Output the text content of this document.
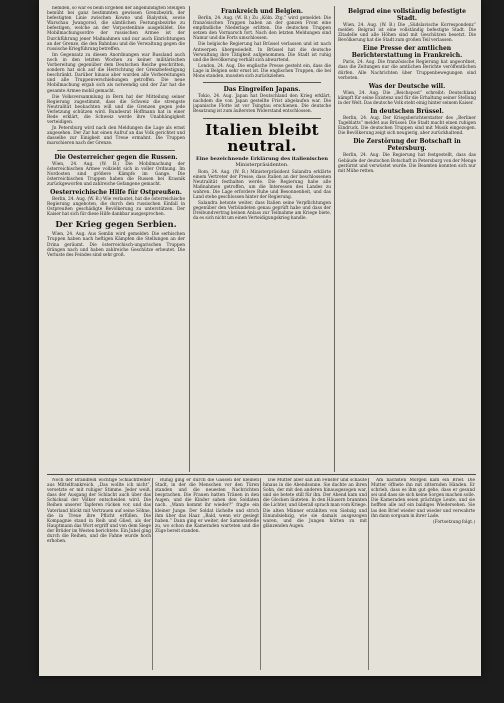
hemden, so war es beim Ergehen der angekündigten Stellgen bemüht bei ganz bestimmten gewissen Grenzbezirk, der befestigten Linie zwischen Kowno und Bialystok, sowie Warschau Jwangorod, die sämtlichen Festungsbezirke zu befestigen, welche an der Vorpostenlinie ausgebildet. Die Mobilmachungsordre der russischen Armee ist der Durchführung jener Maßnahmen und nur auch Einrichtungen an der Grenze, die den Bahnbau und die Verwaltung gegen die russische Kriegführung betreffen.

Im Gegensatz zu diesen Anordnungen war Russland auch noch in den letzten Wochen zu keiner militärischen Vorbereitung gegenüber dem Deutschen Reiche geschritten, sondern hat sich auf die Herrichtung der Grenzbefestigung beschränkt. Darüber hinaus aber wurden alle Vorbereitungen und alle Truppenverschiebungen getroffen. Die neue Mobilmachung ergab sich als notwendig und der Zar hat die gesamte Armee mobil gemacht.

Die Volksversammlung in Bern hat der Mitteilung seiner Regierung zugestimmt, dass die Schweiz die strengste Neutralität beobachten will und die Grenzen gegen jede Verletzung schützen wird. Bundesrat Hoffmann hat in einer Rede erklärt, die Schweiz werde ihre Unabhängigkeit verteidigen.

Jn Petersburg wird nach den Meldungen die Lage als ernst angesehen. Der Zar hat einen Aufruf an das Volk gerichtet und dasselbe zur Einigkeit und Treue ermahnt. Die Truppen marschieren nach der Grenze.

Die Oesterreicher gegen die Russen.

Wien, 24. Aug. (W. B.) Die Mobilmachung der österreichischen Armee vollzieht sich in voller Ordnung. Im Nordosten sind größere Kämpfe im Gange. Die österreichischen Truppen haben die Russen bei Krasnik zurückgeworfen und zahlreiche Gefangene gemacht.

Oesterreichische Hilfe für Ostpreußen.

Berlin, 24. Aug. (W. B.) Wie verlautet, hat die österreichische Regierung angeboten, die durch den russischen Einfall in Ostpreußen geschädigte Bevölkerung zu unterstützen. Der Kaiser hat sich für diese Hilfe dankbar ausgesprochen.

Der Krieg gegen Serbien.

Wien, 24. Aug. Aus Semlin wird gemeldet: Die serbischen Truppen haben nach heftigen Kämpfen die Stellungen an der Drina geräumt. Die österreichisch-ungarischen Truppen drängen nach und haben zahlreiche Geschütze erbeutet. Die Verluste des Feindes sind sehr groß.

Frankreich und Belgien.

Berlin, 24. Aug. (W. B.) Zu „Köln. Ztg.“ wird gemeldet: Die französischen Truppen haben an der ganzen Front eine empfindliche Niederlage erlitten. Die deutschen Truppen setzen den Vormarsch fort. Nach den letzten Meldungen sind Namur und die Forts umschlossen.

Die belgische Regierung hat Brüssel verlassen und ist nach Antwerpen übergesiedelt. In Brüssel hat die deutsche Verwaltung ihre Tätigkeit aufgenommen. Die Stadt ist ruhig und die Bevölkerung verhält sich abwartend.

London, 24. Aug. Die englische Presse gesteht ein, dass die Lage in Belgien sehr ernst ist. Die englischen Truppen, die bei Mons standen, mussten sich zurückziehen.

Das Eingreifen Japans.

Tokio, 24. Aug. Japan hat Deutschland den Krieg erklärt, nachdem die von Japan gestellte Frist abgelaufen war. Die japanische Flotte ist vor Tsingtau erschienen. Die deutsche Besatzung ist zum äußersten Widerstand entschlossen.

Italien bleibt neutral.
Eine bezeichnende Erklärung des italienischen
Ministerpräsidenten.

Rom, 24. Aug. (W. B.) Ministerpräsident Salandra erklärte einem Vertreter der Presse, dass Italien an der beschlossenen Neutralität festhalten werde. Die Regierung habe alle Maßnahmen getroffen, um die Interessen des Landes zu wahren. Die Lage erfordere Ruhe und Besonnenheit, und das Land stehe geschlossen hinter der Regierung.

Salandra betonte weiter, dass Italien seine Verpflichtungen gegenüber den Verbündeten genau geprüft habe und dass der Dreibundvertrag keinen Anlass zur Teilnahme am Kriege biete, da es sich nicht um einen Verteidigungskrieg handle.

Belgrad eine vollständig befestigte Stadt.

Wien, 24. Aug. (W. B.) Die „Südslavische Korrespondenz“ meldet: Belgrad ist eine vollständig befestigte Stadt. Die Zitadelle und alle Höhen sind mit Geschützen besetzt. Die Bevölkerung hat die Stadt zum großen Teil verlassen.

Eine Presse der amtlichen Berichterstattung in Frankreich.

Paris, 24. Aug. Die französische Regierung hat angeordnet, dass die Zeitungen nur die amtlichen Berichte veröffentlichen dürfen. Alle Nachrichten über Truppenbewegungen sind verboten.

Was der Deutsche will.

Wien, 24. Aug. Die „Reichspost“ schreibt: Deutschland kämpft für seine Existenz und für die Erhaltung seiner Stellung in der Welt. Das deutsche Volk steht einig hinter seinem Kaiser.

In deutschen Brüssel.

Berlin, 24. Aug. Der Kriegsberichterstatter des „Berliner Tageblatts“ meldet aus Brüssel: Die Stadt macht einen ruhigen Eindruck. Die deutschen Truppen sind mit Musik eingezogen. Die Bevölkerung zeigt sich neugierig, aber zurückhaltend.

Die Zerstörung der Botschaft in Petersburg.

Berlin, 24. Aug. Die Regierung hat festgestellt, dass das Gebäude der deutschen Botschaft in Petersburg von der Menge gestürmt und verwüstet wurde. Die Beamten konnten sich nur mit Mühe retten.

Noch der Brandfeld wichtige Schlachtfelder aus Mittelfrankreich. „Das wollte ich nicht“, versetzte er mit ruhiger Stimme. Jeder weiß, dass der Ausgang der Schlacht auch über das Schicksal der Völker entscheiden wird. Die Reihen unserer Tapferen rücken vor, und das Vaterland blickt mit Vertrauen auf seine Söhne, die in Treue ihre Pflicht erfüllen. Die Kompagnie stand in Reih und Glied, als der Hauptmann das Wort ergriff und von dem Siege der Brüder im Westen berichtete. Ein Jubel ging durch die Reihen, und die Fahne wurde hoch erhoben.

Ruhig ging er durch die Gassen der kleinen Stadt, in der die Menschen vor den Türen standen und die neuesten Nachrichten besprachen. Die Frauen hatten Tränen in den Augen, und die Kinder sahen den Soldaten nach. „Wann kommt ihr wieder?“ fragte ein kleiner Junge. Der Soldat lächelte und strich ihm über das Haar. „Bald, wenn wir gesiegt haben.“ Dann ging er weiter, der Sammelstelle zu, wo schon die Kameraden warteten und die Züge bereit standen.

Die Mutter aber saß am Fenster und schaute hinaus in die Abendsonne. Sie dachte an ihren Sohn, der mit den anderen hinausgezogen war, und sie betete still für ihn. Der Abend kam und die Glocken läuteten. In den Häusern brannten die Lichter, und überall sprach man vom Kriege. Die alten Männer erzählten von Siebzig und Einundsiebzig, wie sie damals ausgezogen waren, und die Jungen hörten zu mit glänzenden Augen.

Am nächsten Morgen kam ein Brief. Die Mutter öffnete ihn mit zitternden Händen. Er schrieb, dass es ihm gut gehe, dass er gesund sei und dass sie sich keine Sorgen machen solle. Die Kameraden seien prächtige Leute, und sie hofften alle auf ein baldiges Wiedersehen. Sie las den Brief wieder und wieder und verwahrte ihn dann sorgsam in ihrer Lade.

(Fortsetzung folgt.)
